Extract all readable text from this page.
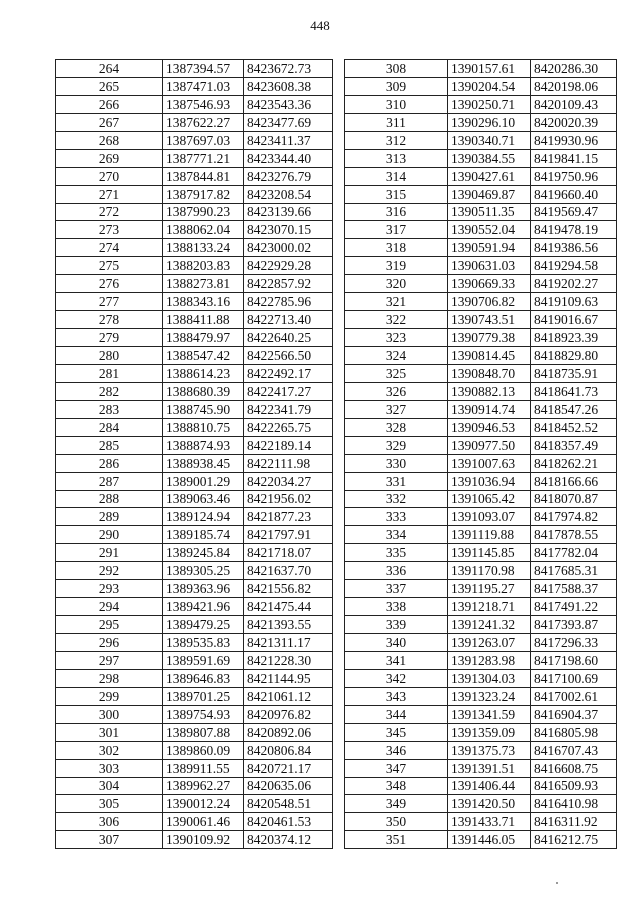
448
264	1387394.57	8423672.73
265	1387471.03	8423608.38
266	1387546.93	8423543.36
267	1387622.27	8423477.69
268	1387697.03	8423411.37
269	1387771.21	8423344.40
270	1387844.81	8423276.79
271	1387917.82	8423208.54
272	1387990.23	8423139.66
273	1388062.04	8423070.15
274	1388133.24	8423000.02
275	1388203.83	8422929.28
276	1388273.81	8422857.92
277	1388343.16	8422785.96
278	1388411.88	8422713.40
279	1388479.97	8422640.25
280	1388547.42	8422566.50
281	1388614.23	8422492.17
282	1388680.39	8422417.27
283	1388745.90	8422341.79
284	1388810.75	8422265.75
285	1388874.93	8422189.14
286	1388938.45	8422111.98
287	1389001.29	8422034.27
288	1389063.46	8421956.02
289	1389124.94	8421877.23
290	1389185.74	8421797.91
291	1389245.84	8421718.07
292	1389305.25	8421637.70
293	1389363.96	8421556.82
294	1389421.96	8421475.44
295	1389479.25	8421393.55
296	1389535.83	8421311.17
297	1389591.69	8421228.30
298	1389646.83	8421144.95
299	1389701.25	8421061.12
300	1389754.93	8420976.82
301	1389807.88	8420892.06
302	1389860.09	8420806.84
303	1389911.55	8420721.17
304	1389962.27	8420635.06
305	1390012.24	8420548.51
306	1390061.46	8420461.53
307	1390109.92	8420374.12
308	1390157.61	8420286.30
309	1390204.54	8420198.06
310	1390250.71	8420109.43
311	1390296.10	8420020.39
312	1390340.71	8419930.96
313	1390384.55	8419841.15
314	1390427.61	8419750.96
315	1390469.87	8419660.40
316	1390511.35	8419569.47
317	1390552.04	8419478.19
318	1390591.94	8419386.56
319	1390631.03	8419294.58
320	1390669.33	8419202.27
321	1390706.82	8419109.63
322	1390743.51	8419016.67
323	1390779.38	8418923.39
324	1390814.45	8418829.80
325	1390848.70	8418735.91
326	1390882.13	8418641.73
327	1390914.74	8418547.26
328	1390946.53	8418452.52
329	1390977.50	8418357.49
330	1391007.63	8418262.21
331	1391036.94	8418166.66
332	1391065.42	8418070.87
333	1391093.07	8417974.82
334	1391119.88	8417878.55
335	1391145.85	8417782.04
336	1391170.98	8417685.31
337	1391195.27	8417588.37
338	1391218.71	8417491.22
339	1391241.32	8417393.87
340	1391263.07	8417296.33
341	1391283.98	8417198.60
342	1391304.03	8417100.69
343	1391323.24	8417002.61
344	1391341.59	8416904.37
345	1391359.09	8416805.98
346	1391375.73	8416707.43
347	1391391.51	8416608.75
348	1391406.44	8416509.93
349	1391420.50	8416410.98
350	1391433.71	8416311.92
351	1391446.05	8416212.75
